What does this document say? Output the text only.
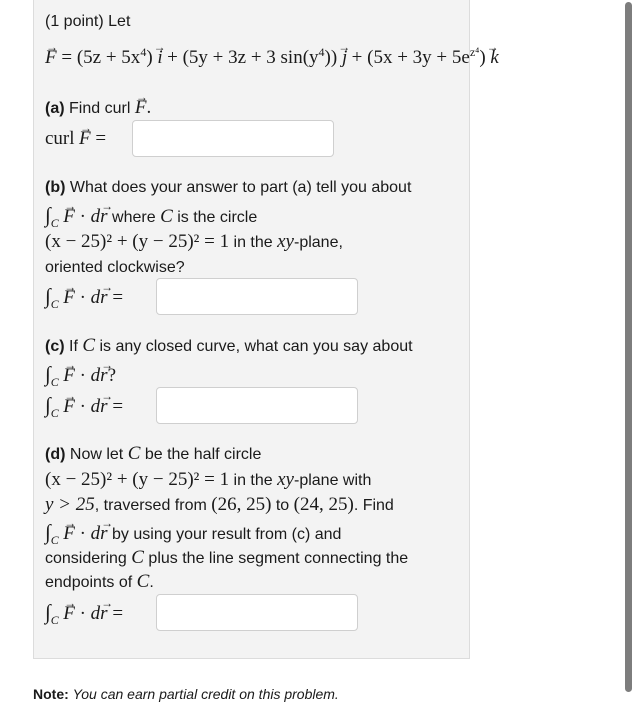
(1 point) Let
→ $F = (5z + 5x^4)\to i + (5y + 3z + 3$ $\sin(y^4))\to j + (5x + 3y + 5e^{z^4})\to k$
(a) Find curl → F.
curl → F =
(b) What does your answer to part (a) tell you about
$\int_C \to F \cdot d\to r$ where C is the circle
(x − 25)² + (y − 25)² = 1 in the xy-plane,
oriented clockwise?
$\int_C \to F \cdot d\to r$ =
(c) If C is any closed curve, what can you say about
$\int_C \to F \cdot d\to r$?
$\int_C \to F \cdot d\to r$ =
(d) Now let C be the half circle
(x − 25)² + (y − 25)² = 1 in the xy-plane with
y > 25, traversed from (26, 25) to (24, 25). Find
$\int_C \to F \cdot d\to r$ by using your result from (c) and
considering C plus the line segment connecting the
endpoints of C.
$\int_C \to F \cdot d\to r$ =
Note: You can earn partial credit on this problem.
